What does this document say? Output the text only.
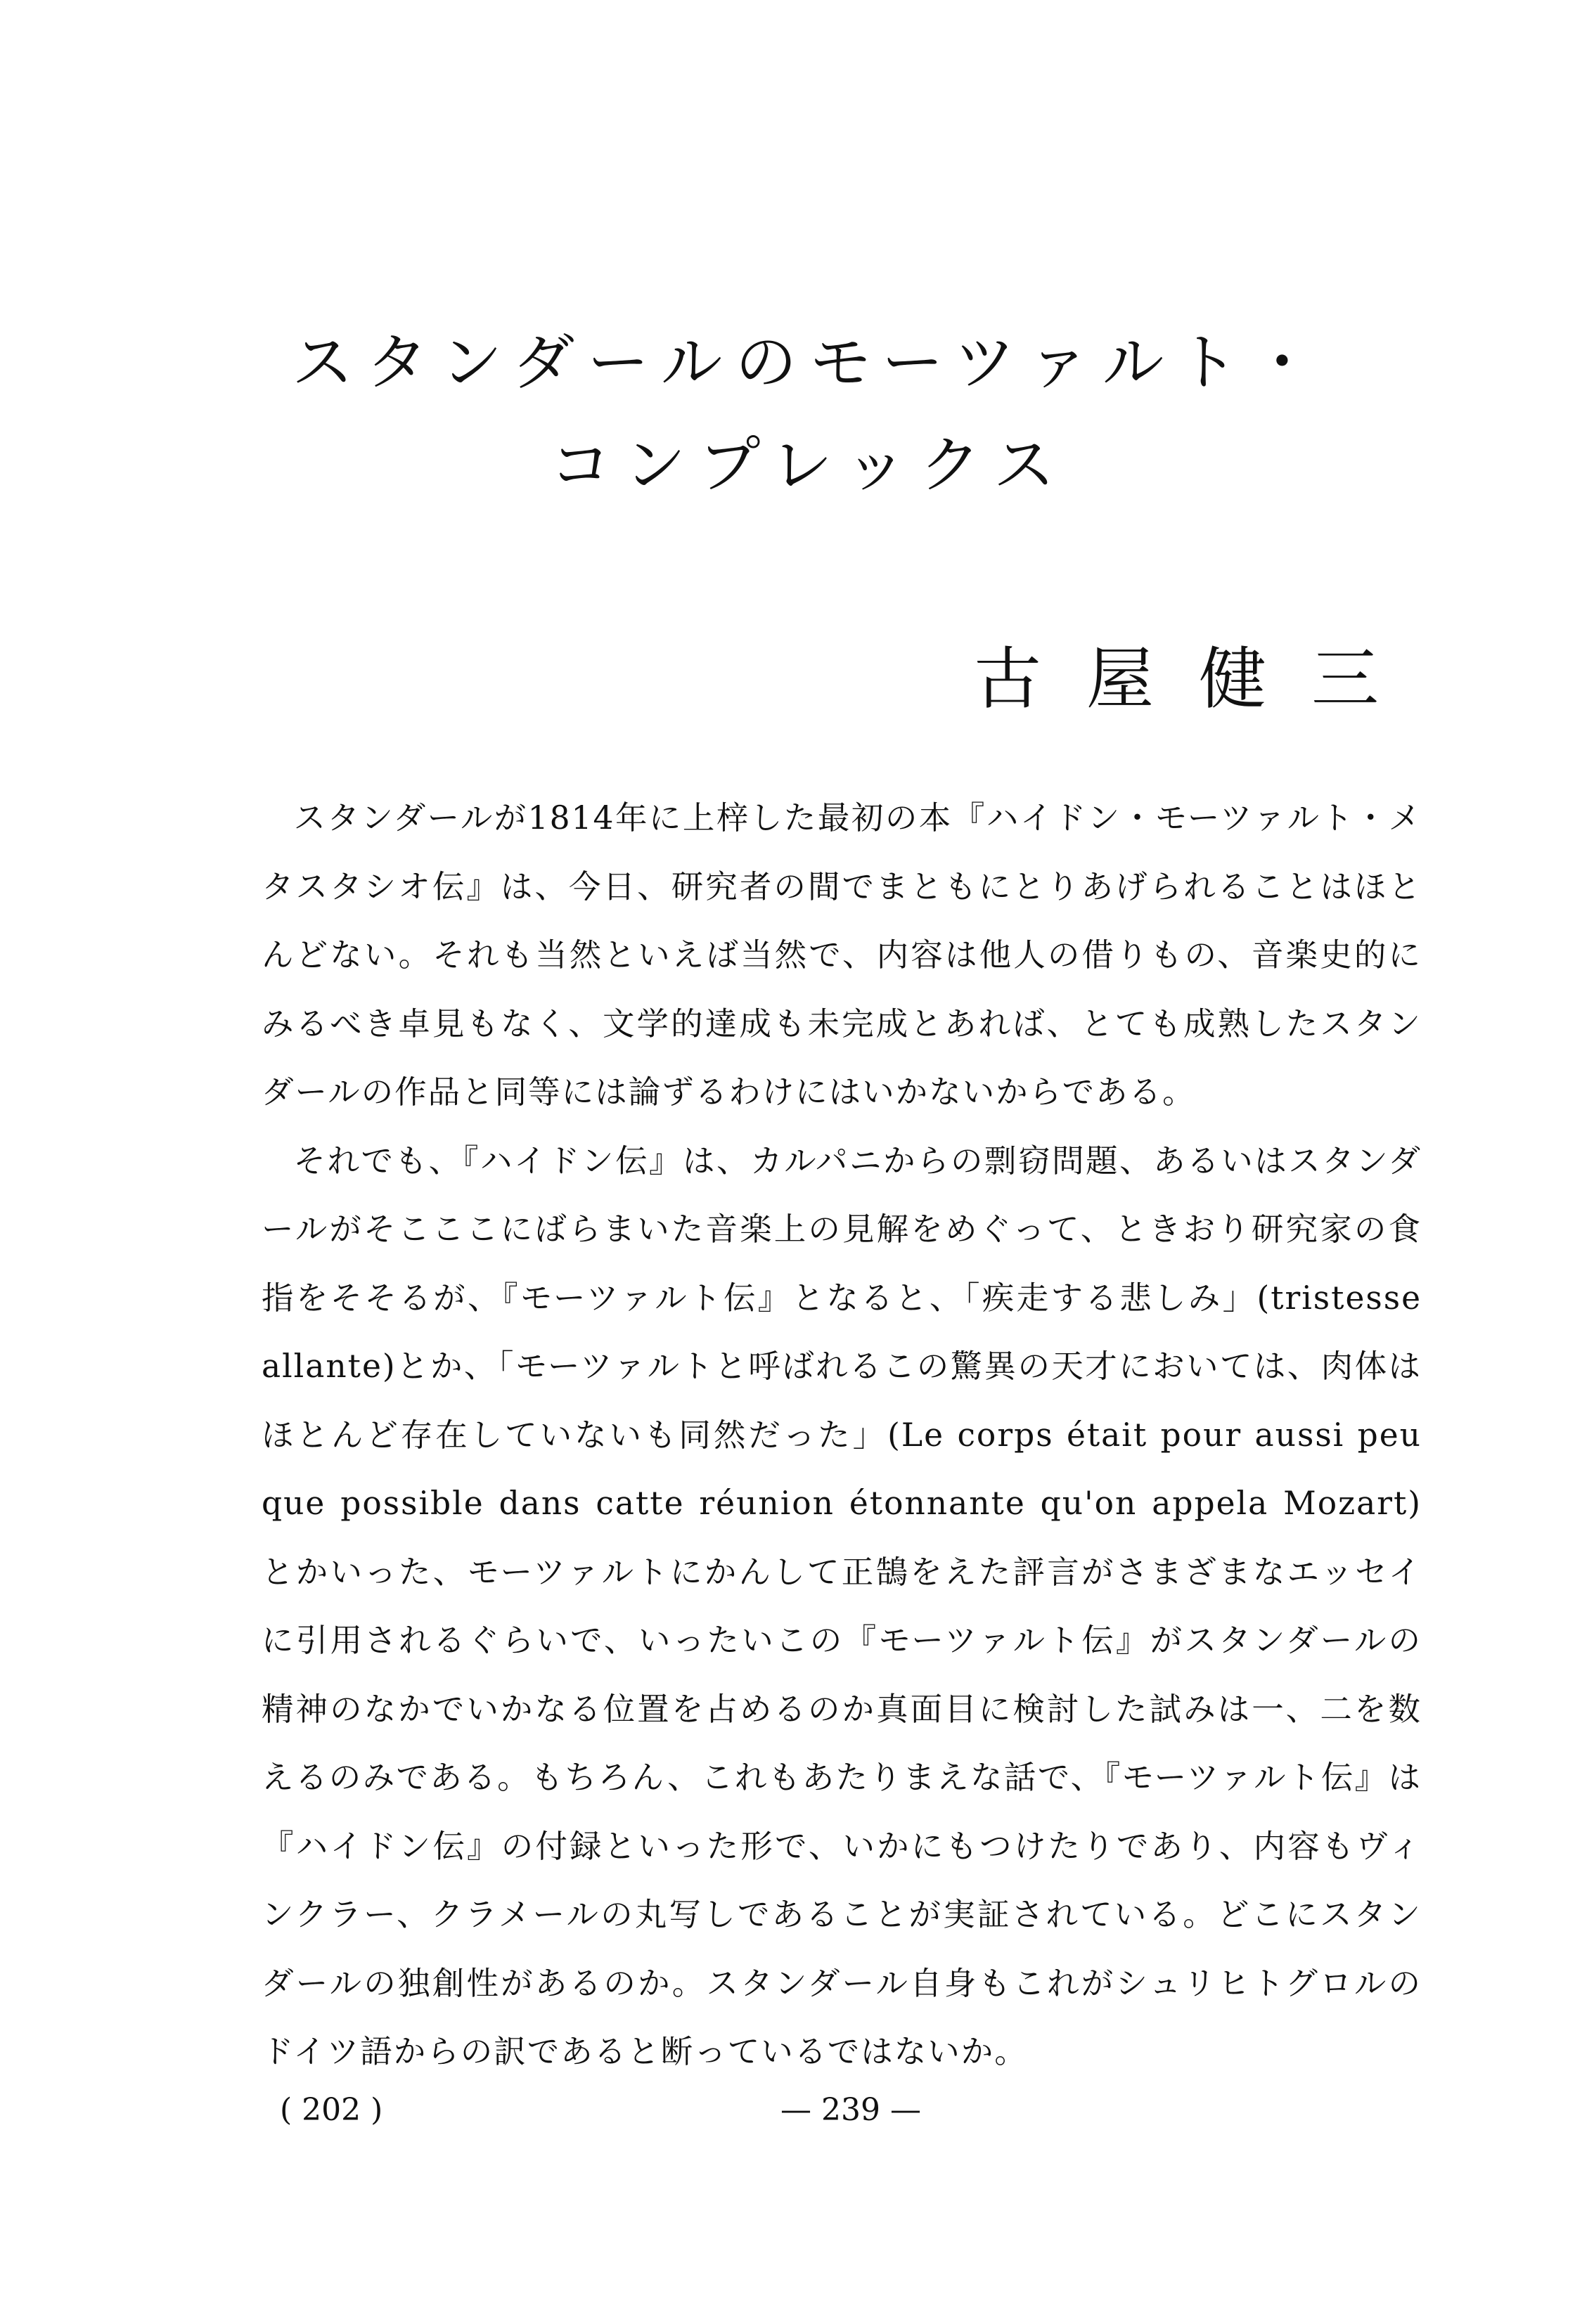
スタンダールのモーツァルト・
コンプレックス
古屋健三

スタンダールが1814年に上梓した最初の本『ハイドン・モーツァルト・メタスタシオ伝』は、今日、研究者の間でまともにとりあげられることはほとんどない。それも当然といえば当然で、内容は他人の借りもの、音楽史的にみるべき卓見もなく、文学的達成も未完成とあれば、とても成熟したスタンダールの作品と同等には論ずるわけにはいかないからである。

それでも、『ハイドン伝』は、カルパニからの剽窃問題、あるいはスタンダールがそこここにばらまいた音楽上の見解をめぐって、ときおり研究家の食指をそそるが、『モーツァルト伝』となると、「疾走する悲しみ」(tristesse allante)とか、「モーツァルトと呼ばれるこの驚異の天才においては、肉体はほとんど存在していないも同然だった」(Le corps était pour aussi peu que possible dans catte réunion étonnante qu'on appela Mozart)とかいった、モーツァルトにかんして正鵠をえた評言がさまざまなエッセイに引用されるぐらいで、いったいこの『モーツァルト伝』がスタンダールの精神のなかでいかなる位置を占めるのか真面目に検討した試みは一、二を数えるのみである。もちろん、これもあたりまえな話で、『モーツァルト伝』は『ハイドン伝』の付録といった形で、いかにもつけたりであり、内容もヴィンクラー、クラメールの丸写しであることが実証されている。どこにスタンダールの独創性があるのか。スタンダール自身もこれがシュリヒトグロルのドイツ語からの訳であると断っているではないか。

( 202 )	— 239 —
